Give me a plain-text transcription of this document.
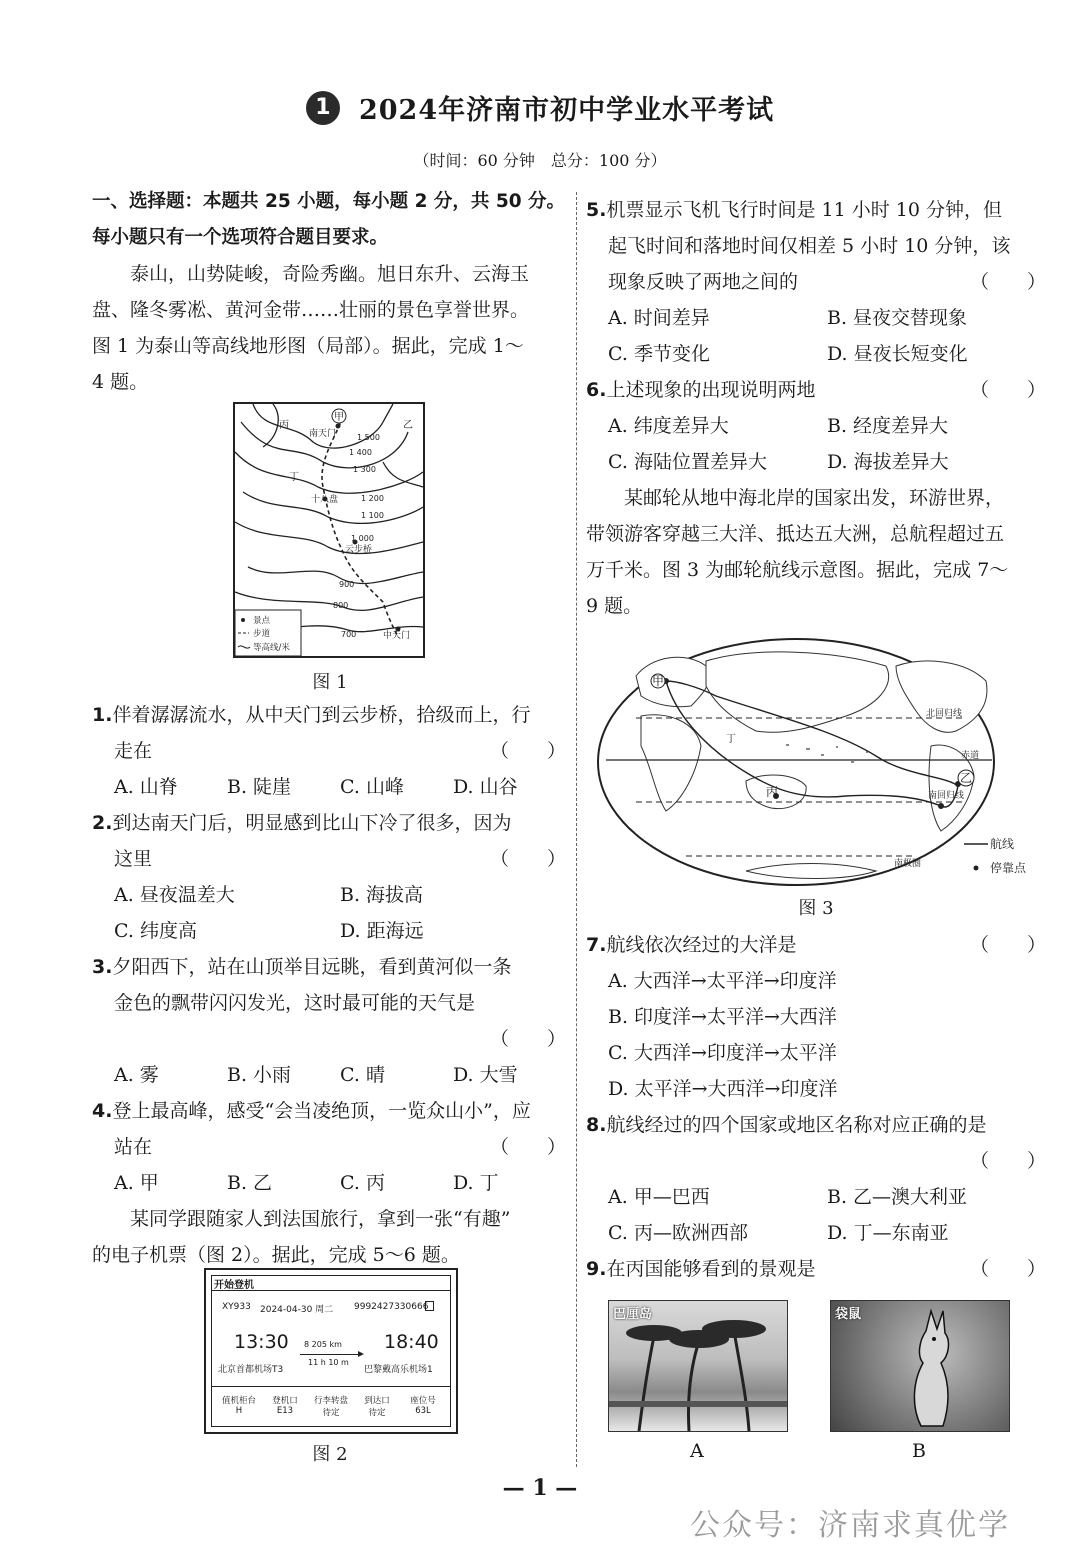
1 2024年济南市初中学业水平考试
（时间：60 分钟　总分：100 分）

一、选择题：本题共 25 小题，每小题 2 分，共 50 分。

每小题只有一个选项符合题目要求。

泰山，山势陡峻，奇险秀幽。旭日东升、云海玉

盘、隆冬雾凇、黄河金带……壮丽的景色享誉世界。

图 1 为泰山等高线地形图（局部）。据此，完成 1～

4 题。

甲
乙
丙
丁
南天门
十八盘
云步桥
中天门
1 500
1 400
1 300
1 200
1 100
1 000
900
800
700
景点
步道
等高线/米
图 1

1.伴着潺潺流水，从中天门到云步桥，拾级而上，行

走在	（　　）

A. 山脊	B. 陡崖	C. 山峰	D. 山谷

2.到达南天门后，明显感到比山下冷了很多，因为

这里	（　　）

A. 昼夜温差大	B. 海拔高

C. 纬度高	D. 距海远

3.夕阳西下，站在山顶举目远眺，看到黄河似一条

金色的飘带闪闪发光，这时最可能的天气是

（　　）

A. 雾	B. 小雨	C. 晴	D. 大雪

4.登上最高峰，感受“会当凌绝顶，一览众山小”，应

站在	（　　）

A. 甲	B. 乙	C. 丙	D. 丁

某同学跟随家人到法国旅行，拿到一张“有趣”

的电子机票（图 2）。据此，完成 5～6 题。

开始登机
XY933 2024-04-30 周二 9992427330666
13:30	18:40
8 205 km
11 h 10 m
北京首都机场T3	巴黎戴高乐机场1
值机柜台
H
登机口
E13
行李转盘
待定
到达口
待定
座位号
63L
图 2

5.机票显示飞机飞行时间是 11 小时 10 分钟，但

起飞时间和落地时间仅相差 5 小时 10 分钟，该

现象反映了两地之间的	（　　）

A. 时间差异	B. 昼夜交替现象

C. 季节变化	D. 昼夜长短变化

6.上述现象的出现说明两地	（　　）

A. 纬度差异大	B. 经度差异大

C. 海陆位置差异大	D. 海拔差异大

某邮轮从地中海北岸的国家出发，环游世界，

带领游客穿越三大洋、抵达五大洲，总航程超过五

万千米。图 3 为邮轮航线示意图。据此，完成 7～

9 题。

甲
乙
丙
丁
北回归线
赤道
南回归线
南极圈
航线
停靠点
图 3

7.航线依次经过的大洋是	（　　）

A. 大西洋→太平洋→印度洋

B. 印度洋→太平洋→大西洋

C. 大西洋→印度洋→太平洋

D. 太平洋→大西洋→印度洋

8.航线经过的四个国家或地区名称对应正确的是

（　　）

A. 甲—巴西	B. 乙—澳大利亚

C. 丙—欧洲西部	D. 丁—东南亚

9.在丙国能够看到的景观是	（　　）

巴厘岛
A
袋鼠
B
— 1 —
公众号：济南求真优学
